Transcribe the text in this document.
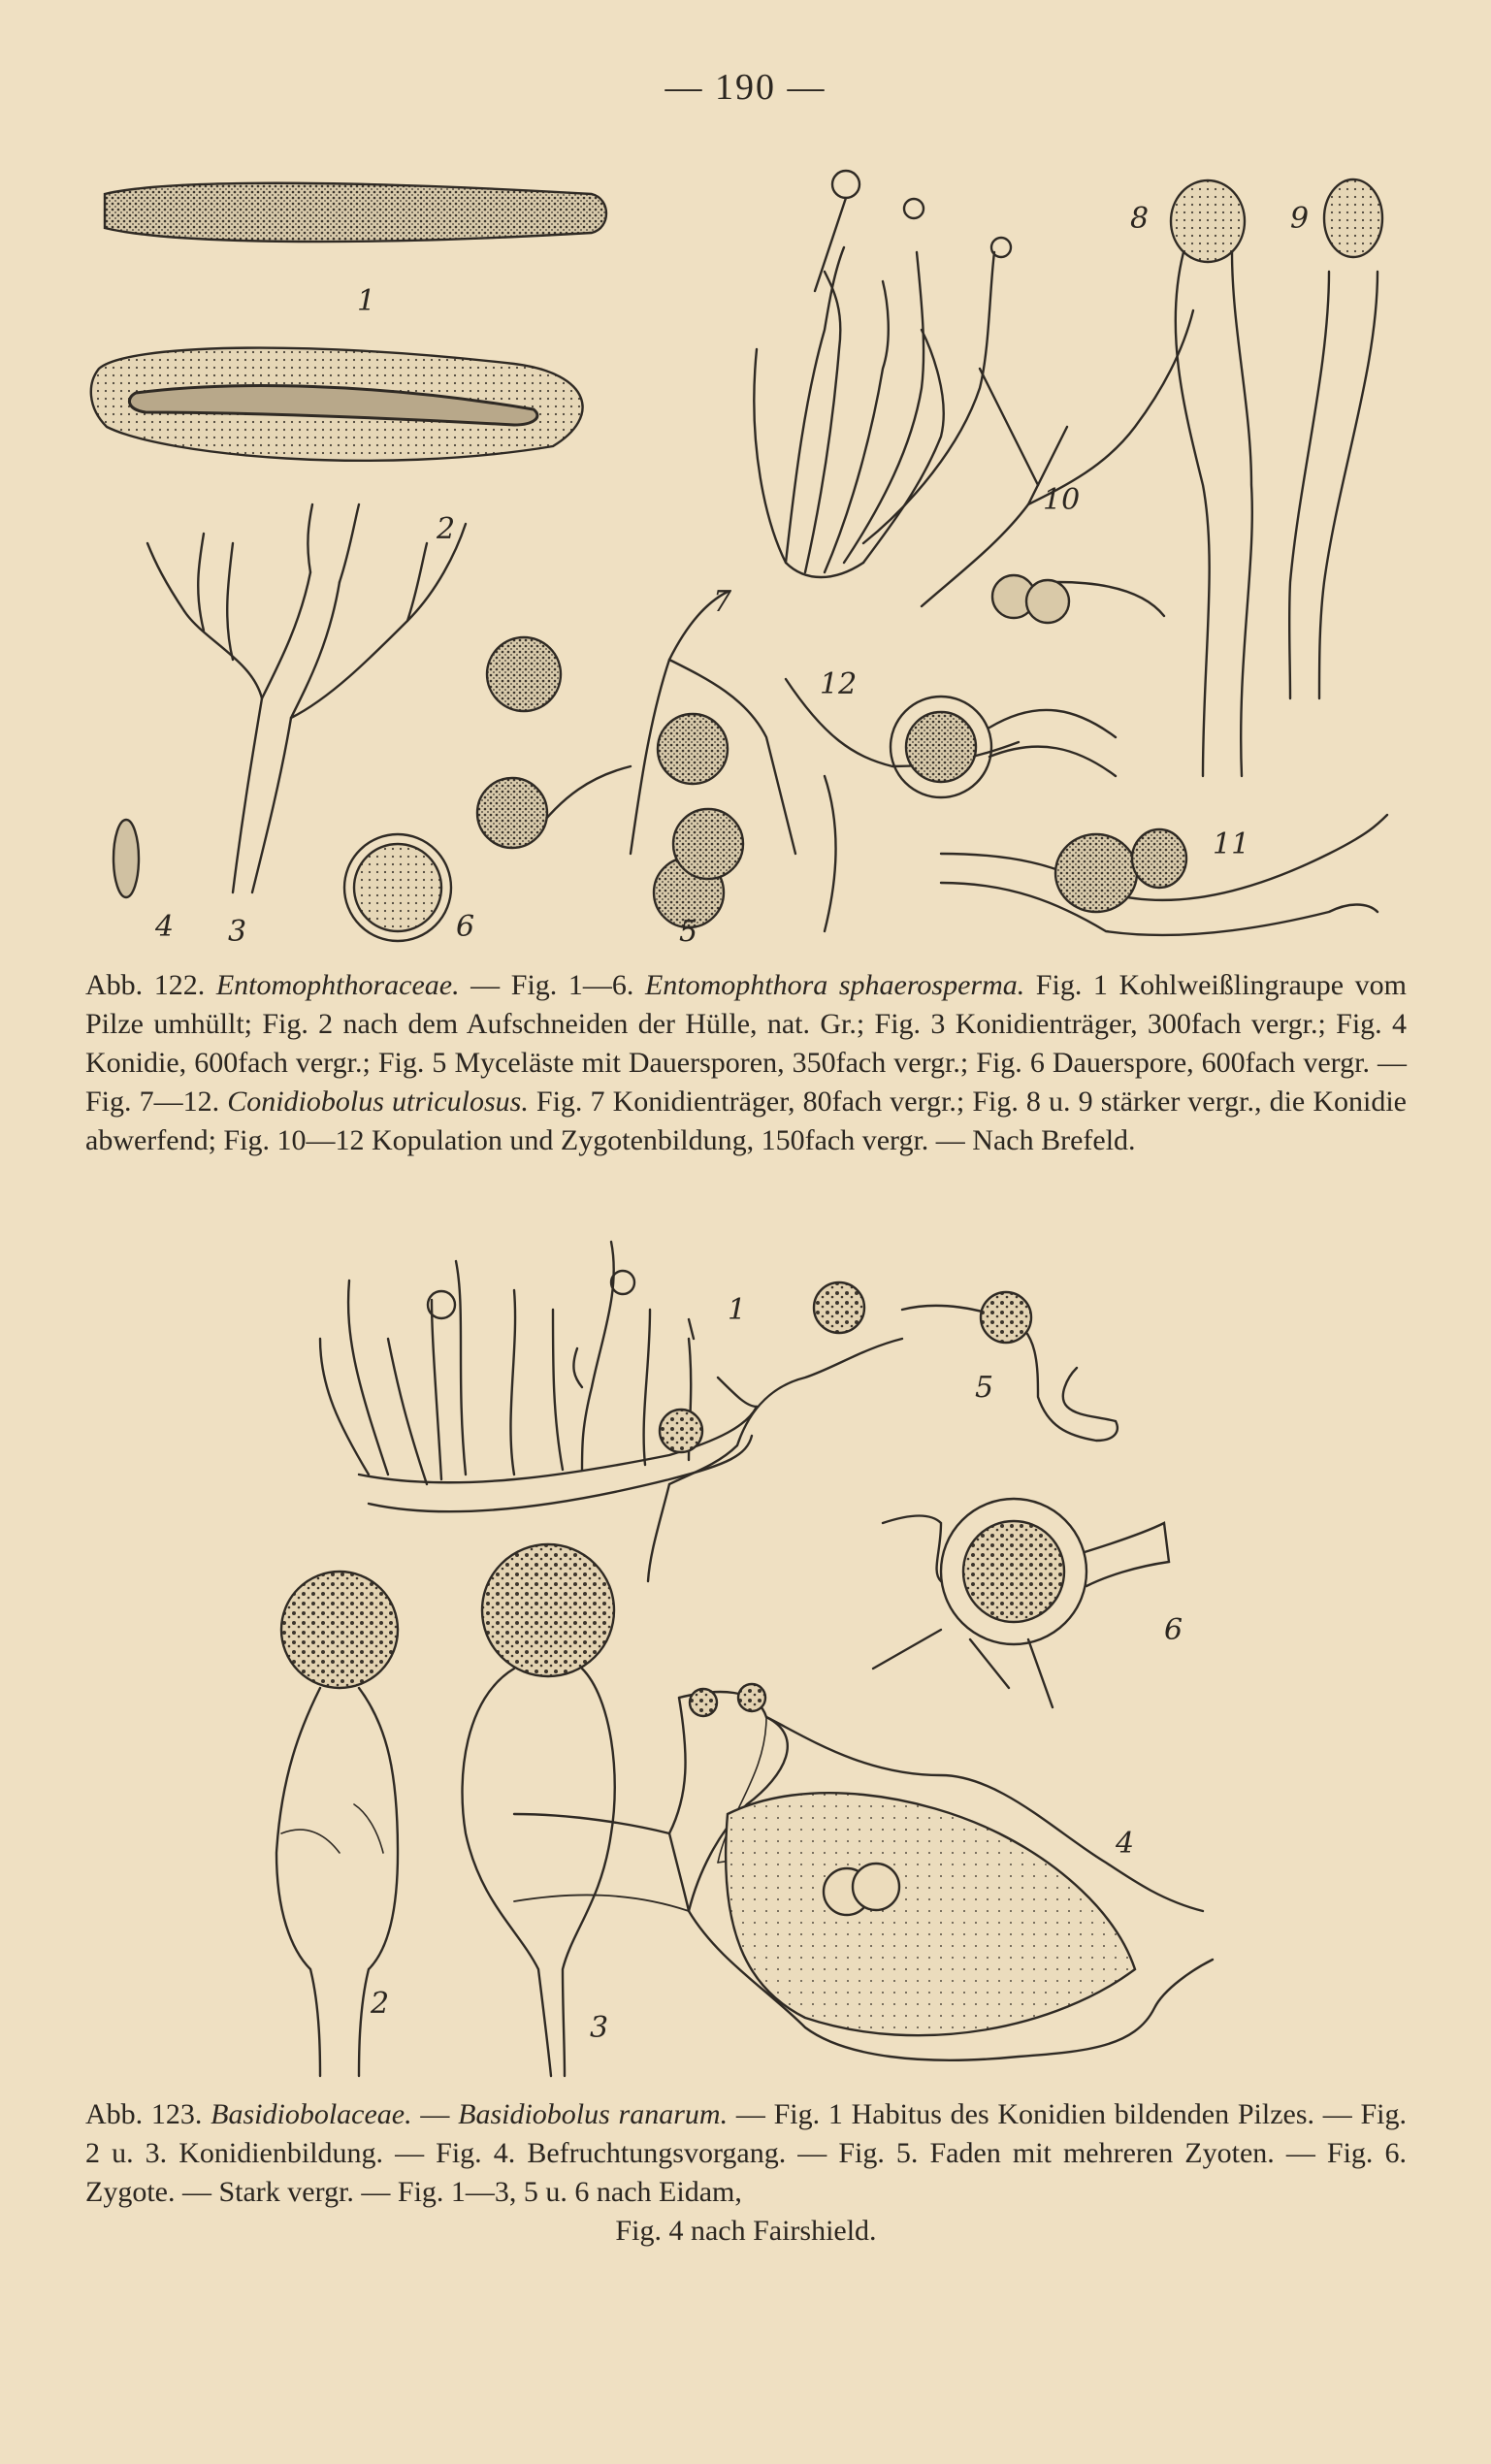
— 190 —
1
2
3
4	5
6
7
8	9
10
11
12
Abb. 122. Entomophthoraceae. — Fig. 1—6. Entomophthora sphaerosperma. Fig. 1 Kohlweißlingraupe vom Pilze umhüllt; Fig. 2 nach dem Aufschneiden der Hülle, nat. Gr.; Fig. 3 Konidienträger, 300fach vergr.; Fig. 4 Konidie, 600fach vergr.; Fig. 5 Myceläste mit Dauersporen, 350fach vergr.; Fig. 6 Dauerspore, 600fach vergr. — Fig. 7—12. Conidiobolus utriculosus. Fig. 7 Konidienträger, 80fach vergr.; Fig. 8 u. 9 stärker vergr., die Konidie abwerfend; Fig. 10—12 Kopulation und Zygotenbildung, 150fach vergr. — Nach Brefeld.
1
2
3
4
5
6
Abb. 123. Basidiobolaceae. — Basidiobolus ranarum. — Fig. 1 Habitus des Konidien bildenden Pilzes. — Fig. 2 u. 3. Konidienbildung. — Fig. 4. Befruchtungsvorgang. — Fig. 5. Faden mit mehreren Zyoten. — Fig. 6. Zygote. — Stark vergr. — Fig. 1—3, 5 u. 6 nach Eidam,
Fig. 4 nach Fairshield.
